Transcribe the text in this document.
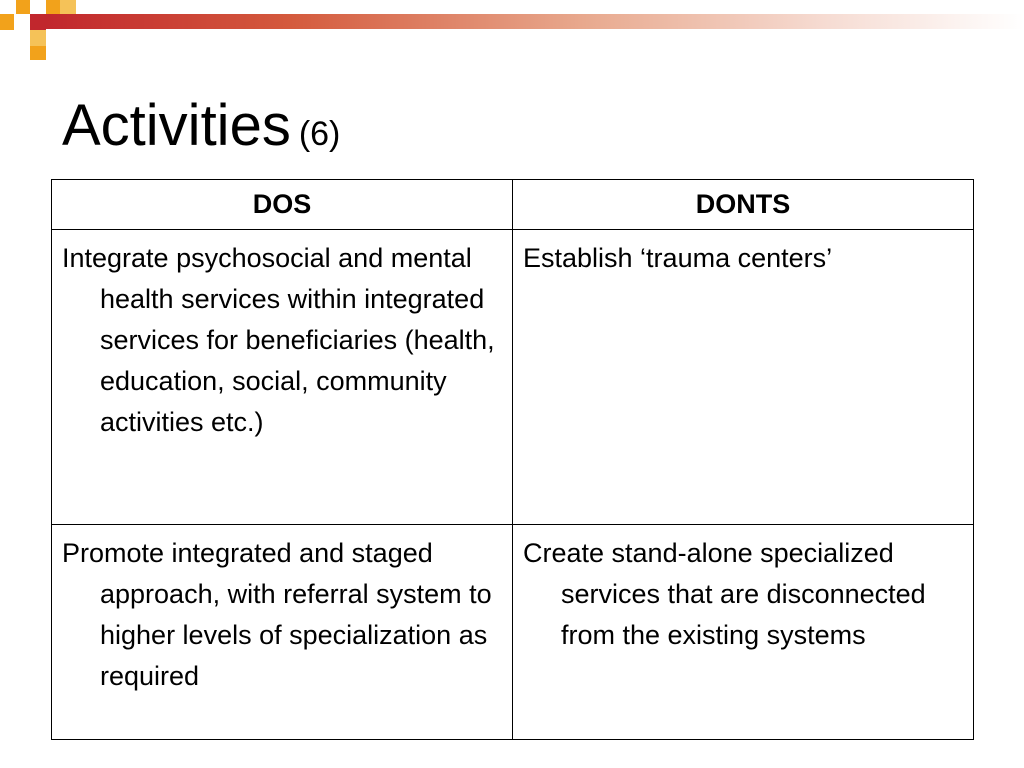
Activities (6)
DOS	DONTS

Integrate psychosocial and mental health services within integrated services for beneficiaries (health, education, social, community activities etc.)	Establish ‘trauma centers’

Promote integrated and staged approach, with referral system to higher levels of specialization as required	Create stand-alone specialized services that are disconnected from the existing systems
